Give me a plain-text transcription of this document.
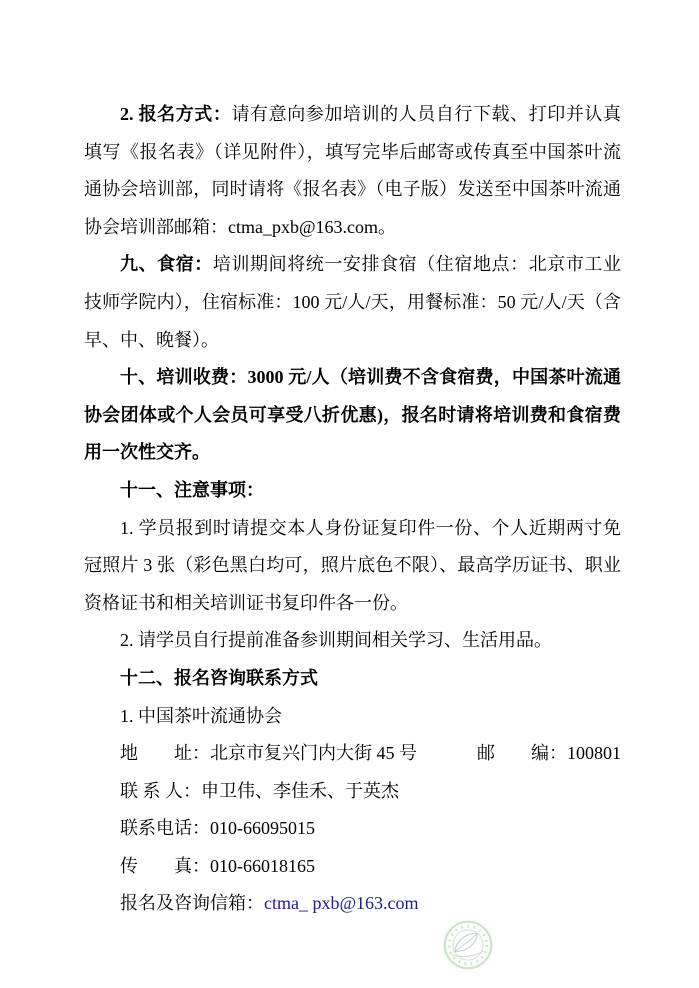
2. 报名方式：请有意向参加培训的人员自行下载、打印并认真填写《报名表》（详见附件），填写完毕后邮寄或传真至中国茶叶流通协会培训部，同时请将《报名表》（电子版）发送至中国茶叶流通协会培训部邮箱：ctma_pxb@163.com。

九、食宿：培训期间将统一安排食宿（住宿地点：北京市工业技师学院内），住宿标准：100 元/人/天，用餐标准：50 元/人/天（含早、中、晚餐）。

十、培训收费：3000 元/人（培训费不含食宿费，中国茶叶流通协会团体或个人会员可享受八折优惠)，报名时请将培训费和食宿费用一次性交齐。

十一、注意事项：

1. 学员报到时请提交本人身份证复印件一份、个人近期两寸免冠照片 3 张（彩色黑白均可，照片底色不限）、最高学历证书、职业资格证书和相关培训证书复印件各一份。

2. 请学员自行提前准备参训期间相关学习、生活用品。

十二、报名咨询联系方式

1. 中国茶叶流通协会

地　　址：北京市复兴门内大街 45 号	邮　　编：100801

联 系 人：申卫伟、李佳禾、于英杰

联系电话：010-66095015

传　　真：010-66018165

报名及咨询信箱：ctma_ pxb@163.com
